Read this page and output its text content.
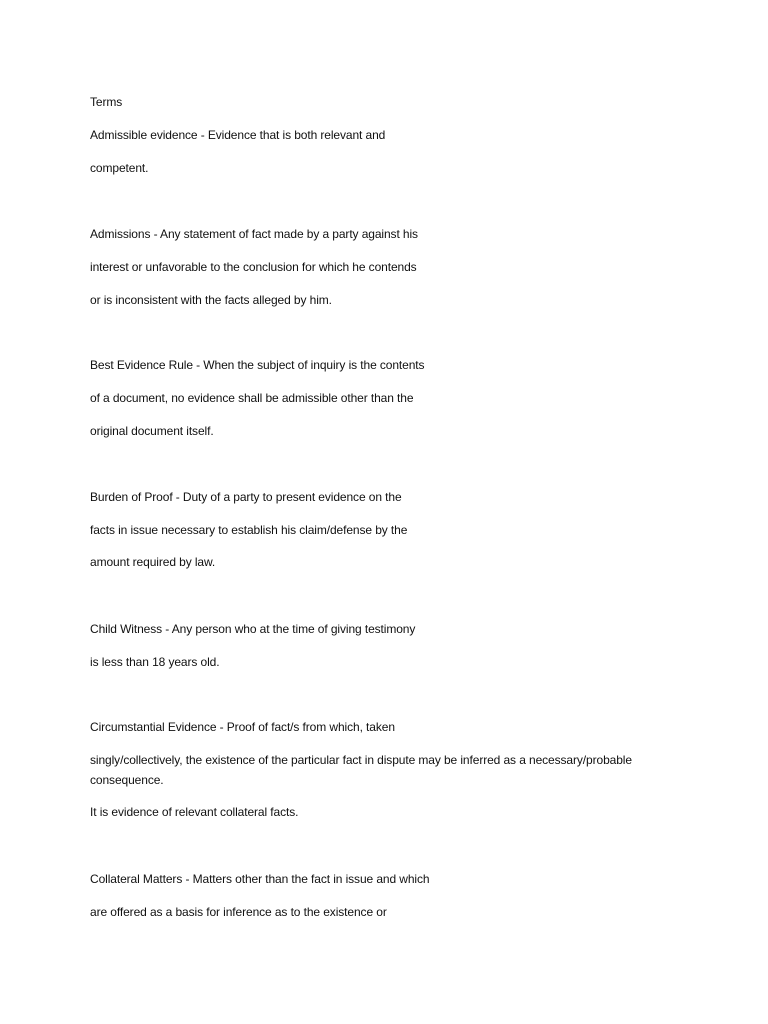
Terms
Admissible evidence - Evidence that is both relevant and
competent.
Admissions - Any statement of fact made by a party against his
interest or unfavorable to the conclusion for which he contends
or is inconsistent with the facts alleged by him.
Best Evidence Rule - When the subject of inquiry is the contents
of a document, no evidence shall be admissible other than the
original document itself.
Burden of Proof - Duty of a party to present evidence on the
facts in issue necessary to establish his claim/defense by the
amount required by law.
Child Witness - Any person who at the time of giving testimony
is less than 18 years old.
Circumstantial Evidence - Proof of fact/s from which, taken
singly/collectively, the existence of the particular fact in dispute may be inferred as a necessary/probable
consequence.
It is evidence of relevant collateral facts.
Collateral Matters - Matters other than the fact in issue and which
are offered as a basis for inference as to the existence or
